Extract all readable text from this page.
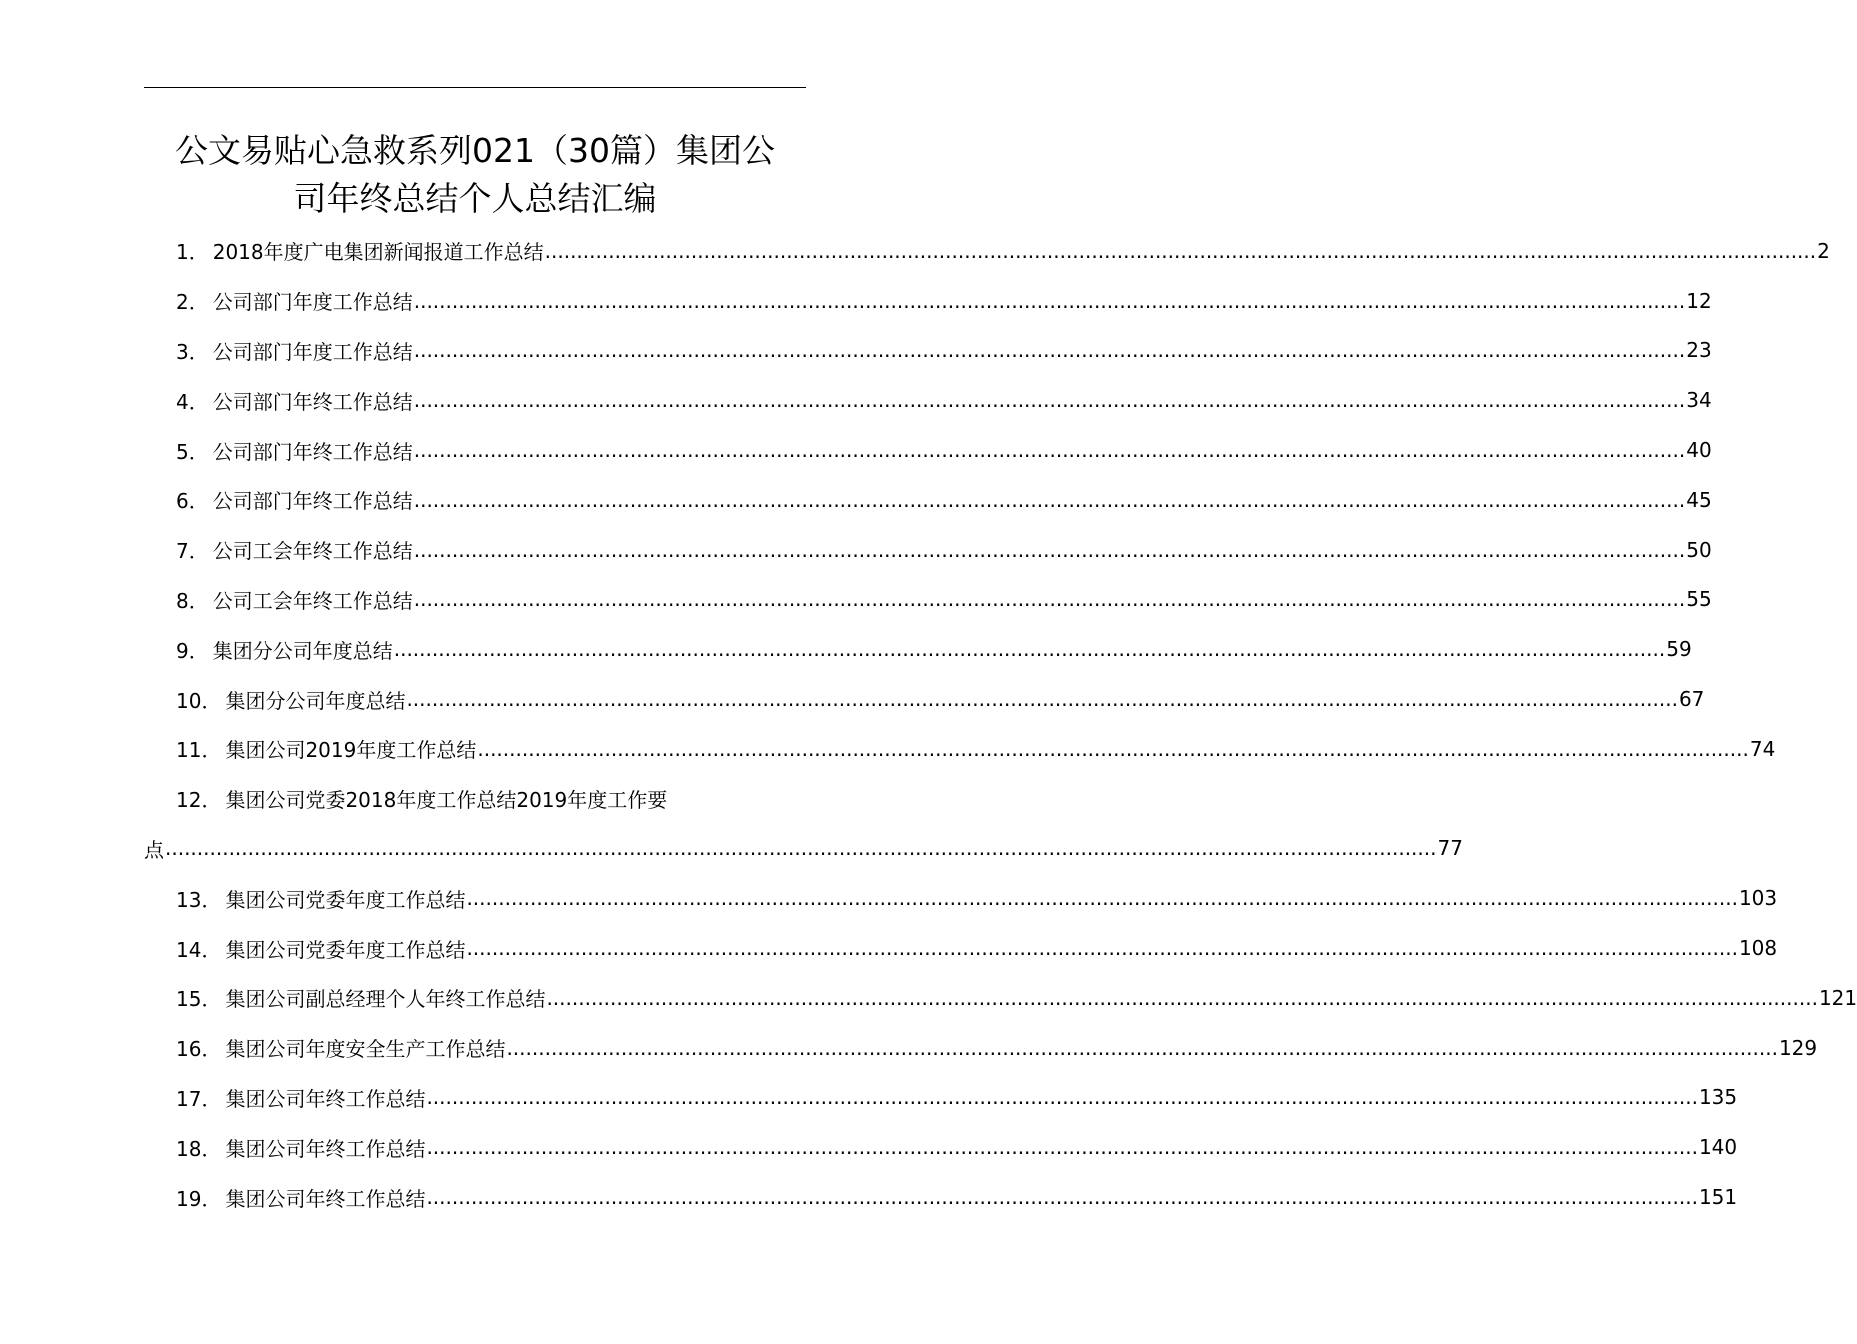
公文易贴心急救系列021（30篇）集团公
司年终总结个人总结汇编
1． 2018年度广电集团新闻报道工作总结 ........................................................................................................................................................................................................ 2
2． 公司部门年度工作总结 ........................................................................................................................................................................................................ 12
3． 公司部门年度工作总结 ........................................................................................................................................................................................................ 23
4． 公司部门年终工作总结 ........................................................................................................................................................................................................ 34
5． 公司部门年终工作总结 ........................................................................................................................................................................................................ 40
6． 公司部门年终工作总结 ........................................................................................................................................................................................................ 45
7． 公司工会年终工作总结 ........................................................................................................................................................................................................ 50
8． 公司工会年终工作总结 ........................................................................................................................................................................................................ 55
9． 集团分公司年度总结 ........................................................................................................................................................................................................ 59
10． 集团分公司年度总结 ........................................................................................................................................................................................................ 67
11． 集团公司2019年度工作总结 ........................................................................................................................................................................................................ 74
12． 集团公司党委2018年度工作总结2019年度工作要
点 ........................................................................................................................................................................................................ 77
13． 集团公司党委年度工作总结 ........................................................................................................................................................................................................ 103
14． 集团公司党委年度工作总结 ........................................................................................................................................................................................................ 108
15． 集团公司副总经理个人年终工作总结 ........................................................................................................................................................................................................ 121
16． 集团公司年度安全生产工作总结 ........................................................................................................................................................................................................ 129
17． 集团公司年终工作总结 ........................................................................................................................................................................................................ 135
18． 集团公司年终工作总结 ........................................................................................................................................................................................................ 140
19． 集团公司年终工作总结 ........................................................................................................................................................................................................ 151
